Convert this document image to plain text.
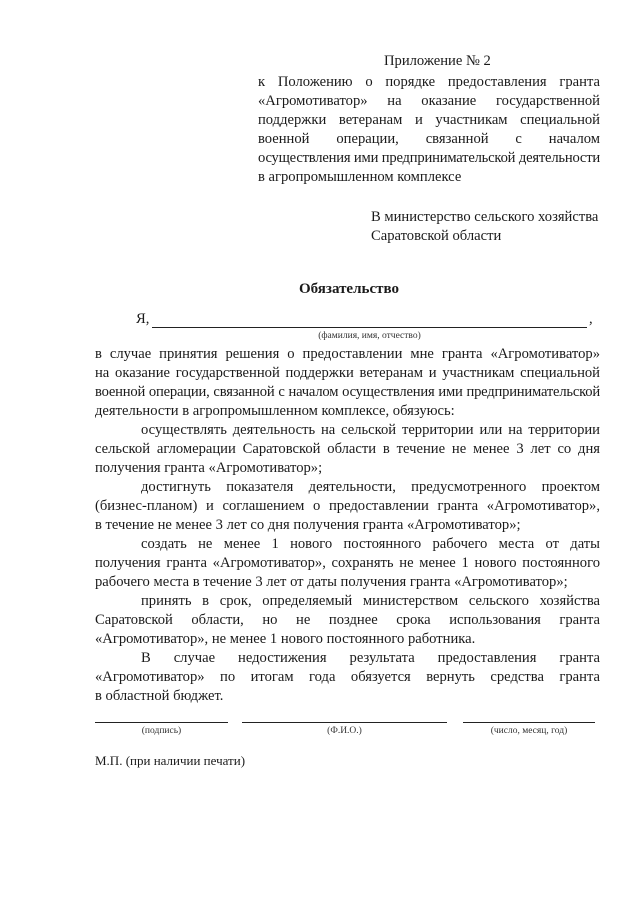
Приложение № 2
к Положению о порядке предоставления гранта
«Агромотиватор» на оказание государственной
поддержки ветеранам и участникам специальной
военной операции, связанной с началом
осуществления ими предпринимательской деятельности
в агропромышленном комплексе
В министерство сельского хозяйства
Саратовской области
Обязательство
Я,	,
(фамилия, имя, отчество)
в случае принятия решения о предоставлении мне гранта «Агромотиватор»
на оказание государственной поддержки ветеранам и участникам специальной
военной операции, связанной с началом осуществления ими предпринимательской
деятельности в агропромышленном комплексе, обязуюсь:
осуществлять деятельность на сельской территории или на территории
сельской агломерации Саратовской области в течение не менее 3 лет со дня
получения гранта «Агромотиватор»;
достигнуть показателя деятельности, предусмотренного проектом
(бизнес-планом) и соглашением о предоставлении гранта «Агромотиватор»,
в течение не менее 3 лет со дня получения гранта «Агромотиватор»;
создать не менее 1 нового постоянного рабочего места от даты
получения гранта «Агромотиватор», сохранять не менее 1 нового постоянного
рабочего места в течение 3 лет от даты получения гранта «Агромотиватор»;
принять в срок, определяемый министерством сельского хозяйства
Саратовской области, но не позднее срока использования гранта
«Агромотиватор», не менее 1 нового постоянного работника.
В случае недостижения результата предоставления гранта
«Агромотиватор» по итогам года обязуется вернуть средства гранта
в областной бюджет.
(подпись)	(Ф.И.О.)	(число, месяц, год)
М.П. (при наличии печати)
